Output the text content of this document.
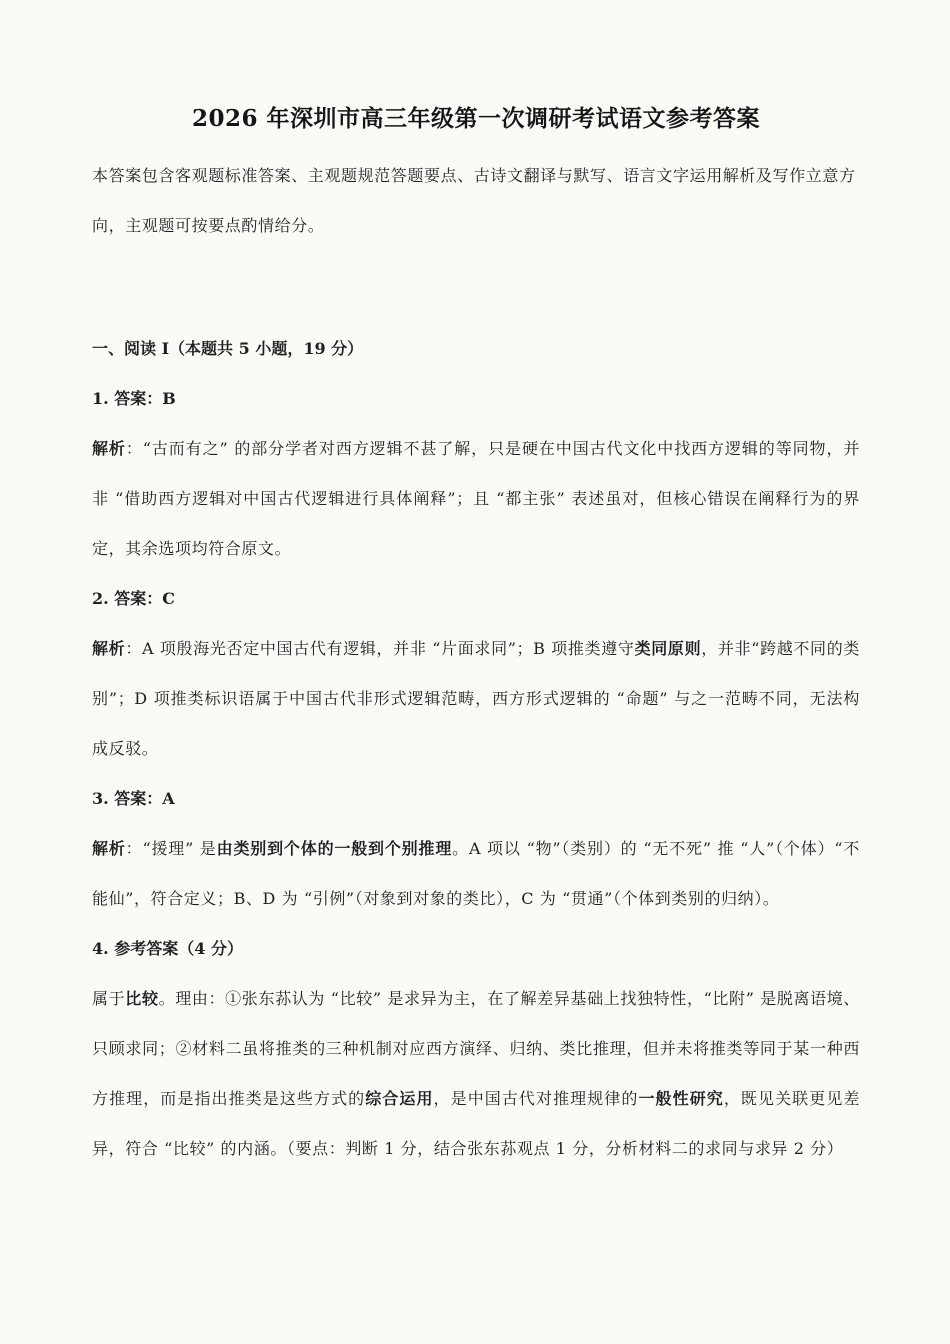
2026 年深圳市高三年级第一次调研考试语文参考答案

本答案包含客观题标准答案、主观题规范答题要点、古诗文翻译与默写、语言文字运用解析及写作立意方向，主观题可按要点酌情给分。

一、阅读 I（本题共 5 小题，19 分）
1. 答案：B

解析：“古而有之” 的部分学者对西方逻辑不甚了解，只是硬在中国古代文化中找西方逻辑的等同物，并非 “借助西方逻辑对中国古代逻辑进行具体阐释”；且 “都主张” 表述虽对，但核心错误在阐释行为的界定，其余选项均符合原文。

2. 答案：C

解析：A 项殷海光否定中国古代有逻辑，并非 “片面求同”；B 项推类遵守类同原则，并非“跨越不同的类别”；D 项推类标识语属于中国古代非形式逻辑范畴，西方形式逻辑的 “命题” 与之一范畴不同，无法构成反驳。

3. 答案：A

解析：“援理” 是由类别到个体的一般到个别推理。A 项以 “物”（类别）的 “无不死” 推 “人”（个体）“不能仙”，符合定义；B、D 为 “引例”（对象到对象的类比），C 为 “贯通”（个体到类别的归纳）。

4. 参考答案（4 分）

属于比较。理由：①张东荪认为 “比较” 是求异为主，在了解差异基础上找独特性，“比附” 是脱离语境、只顾求同；②材料二虽将推类的三种机制对应西方演绎、归纳、类比推理，但并未将推类等同于某一种西方推理，而是指出推类是这些方式的综合运用，是中国古代对推理规律的一般性研究，既见关联更见差异，符合 “比较” 的内涵。（要点：判断 1 分，结合张东荪观点 1 分，分析材料二的求同与求异 2 分）
